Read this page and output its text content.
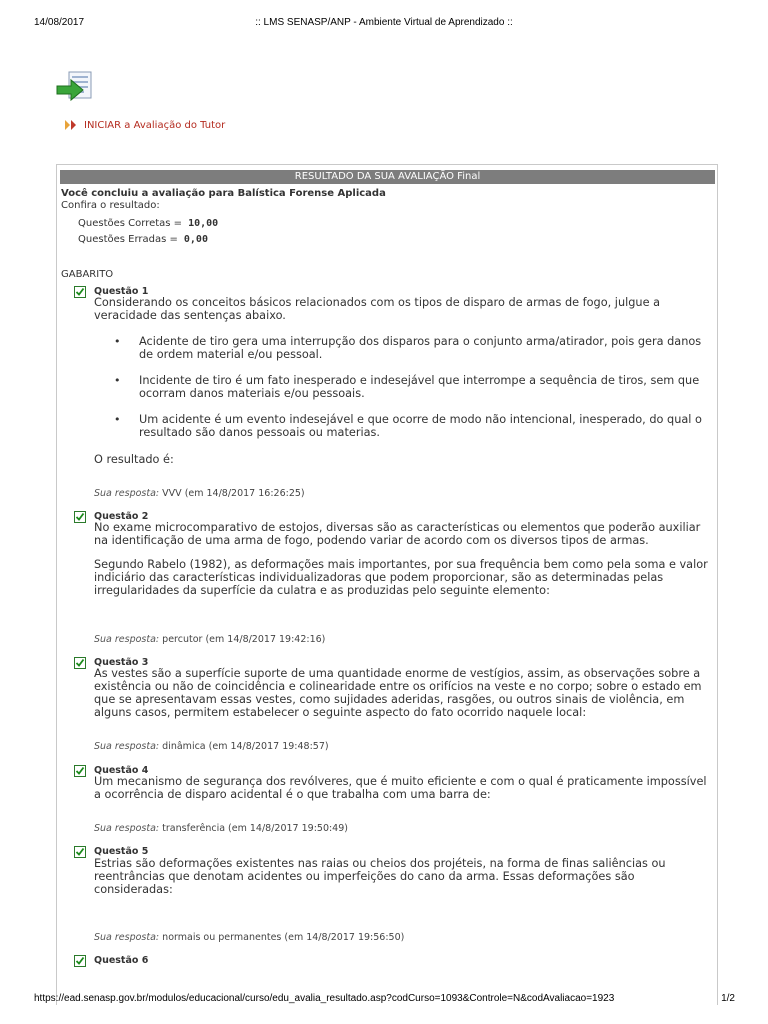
14/08/2017	:: LMS SENASP/ANP - Ambiente Virtual de Aprendizado ::
INICIAR a Avaliação do Tutor
RESULTADO DA SUA AVALIAÇÃO Final
Você concluiu a avaliação para Balística Forense Aplicada
Confira o resultado:
Questões Corretas = 10,00
Questões Erradas = 0,00
GABARITO
Questão 1
Considerando os conceitos básicos relacionados com os tipos de disparo de armas de fogo, julgue a veracidade das sentenças abaixo.
• Acidente de tiro gera uma interrupção dos disparos para o conjunto arma/atirador, pois gera danos de ordem material e/ou pessoal.
• Incidente de tiro é um fato inesperado e indesejável que interrompe a sequência de tiros, sem que ocorram danos materiais e/ou pessoais.
• Um acidente é um evento indesejável e que ocorre de modo não intencional, inesperado, do qual o resultado são danos pessoais ou materias.
O resultado é:
Sua resposta: VVV (em 14/8/2017 16:26:25)
Questão 2
No exame microcomparativo de estojos, diversas são as características ou elementos que poderão auxiliar na identificação de uma arma de fogo, podendo variar de acordo com os diversos tipos de armas.
Segundo Rabelo (1982), as deformações mais importantes, por sua frequência bem como pela soma e valor indiciário das características individualizadoras que podem proporcionar, são as determinadas pelas irregularidades da superfície da culatra e as produzidas pelo seguinte elemento:
Sua resposta: percutor (em 14/8/2017 19:42:16)
Questão 3
As vestes são a superfície suporte de uma quantidade enorme de vestígios, assim, as observações sobre a existência ou não de coincidência e colinearidade entre os orifícios na veste e no corpo; sobre o estado em que se apresentavam essas vestes, como sujidades aderidas, rasgões, ou outros sinais de violência, em alguns casos, permitem estabelecer o seguinte aspecto do fato ocorrido naquele local:
Sua resposta: dinâmica (em 14/8/2017 19:48:57)
Questão 4
Um mecanismo de segurança dos revólveres, que é muito eficiente e com o qual é praticamente impossível a ocorrência de disparo acidental é o que trabalha com uma barra de:
Sua resposta: transferência (em 14/8/2017 19:50:49)
Questão 5
Estrias são deformações existentes nas raias ou cheios dos projéteis, na forma de finas saliências ou reentrâncias que denotam acidentes ou imperfeições do cano da arma. Essas deformações são consideradas:
Sua resposta: normais ou permanentes (em 14/8/2017 19:56:50)
Questão 6
https://ead.senasp.gov.br/modulos/educacional/curso/edu_avalia_resultado.asp?codCurso=1093&Controle=N&codAvaliacao=1923	1/2
